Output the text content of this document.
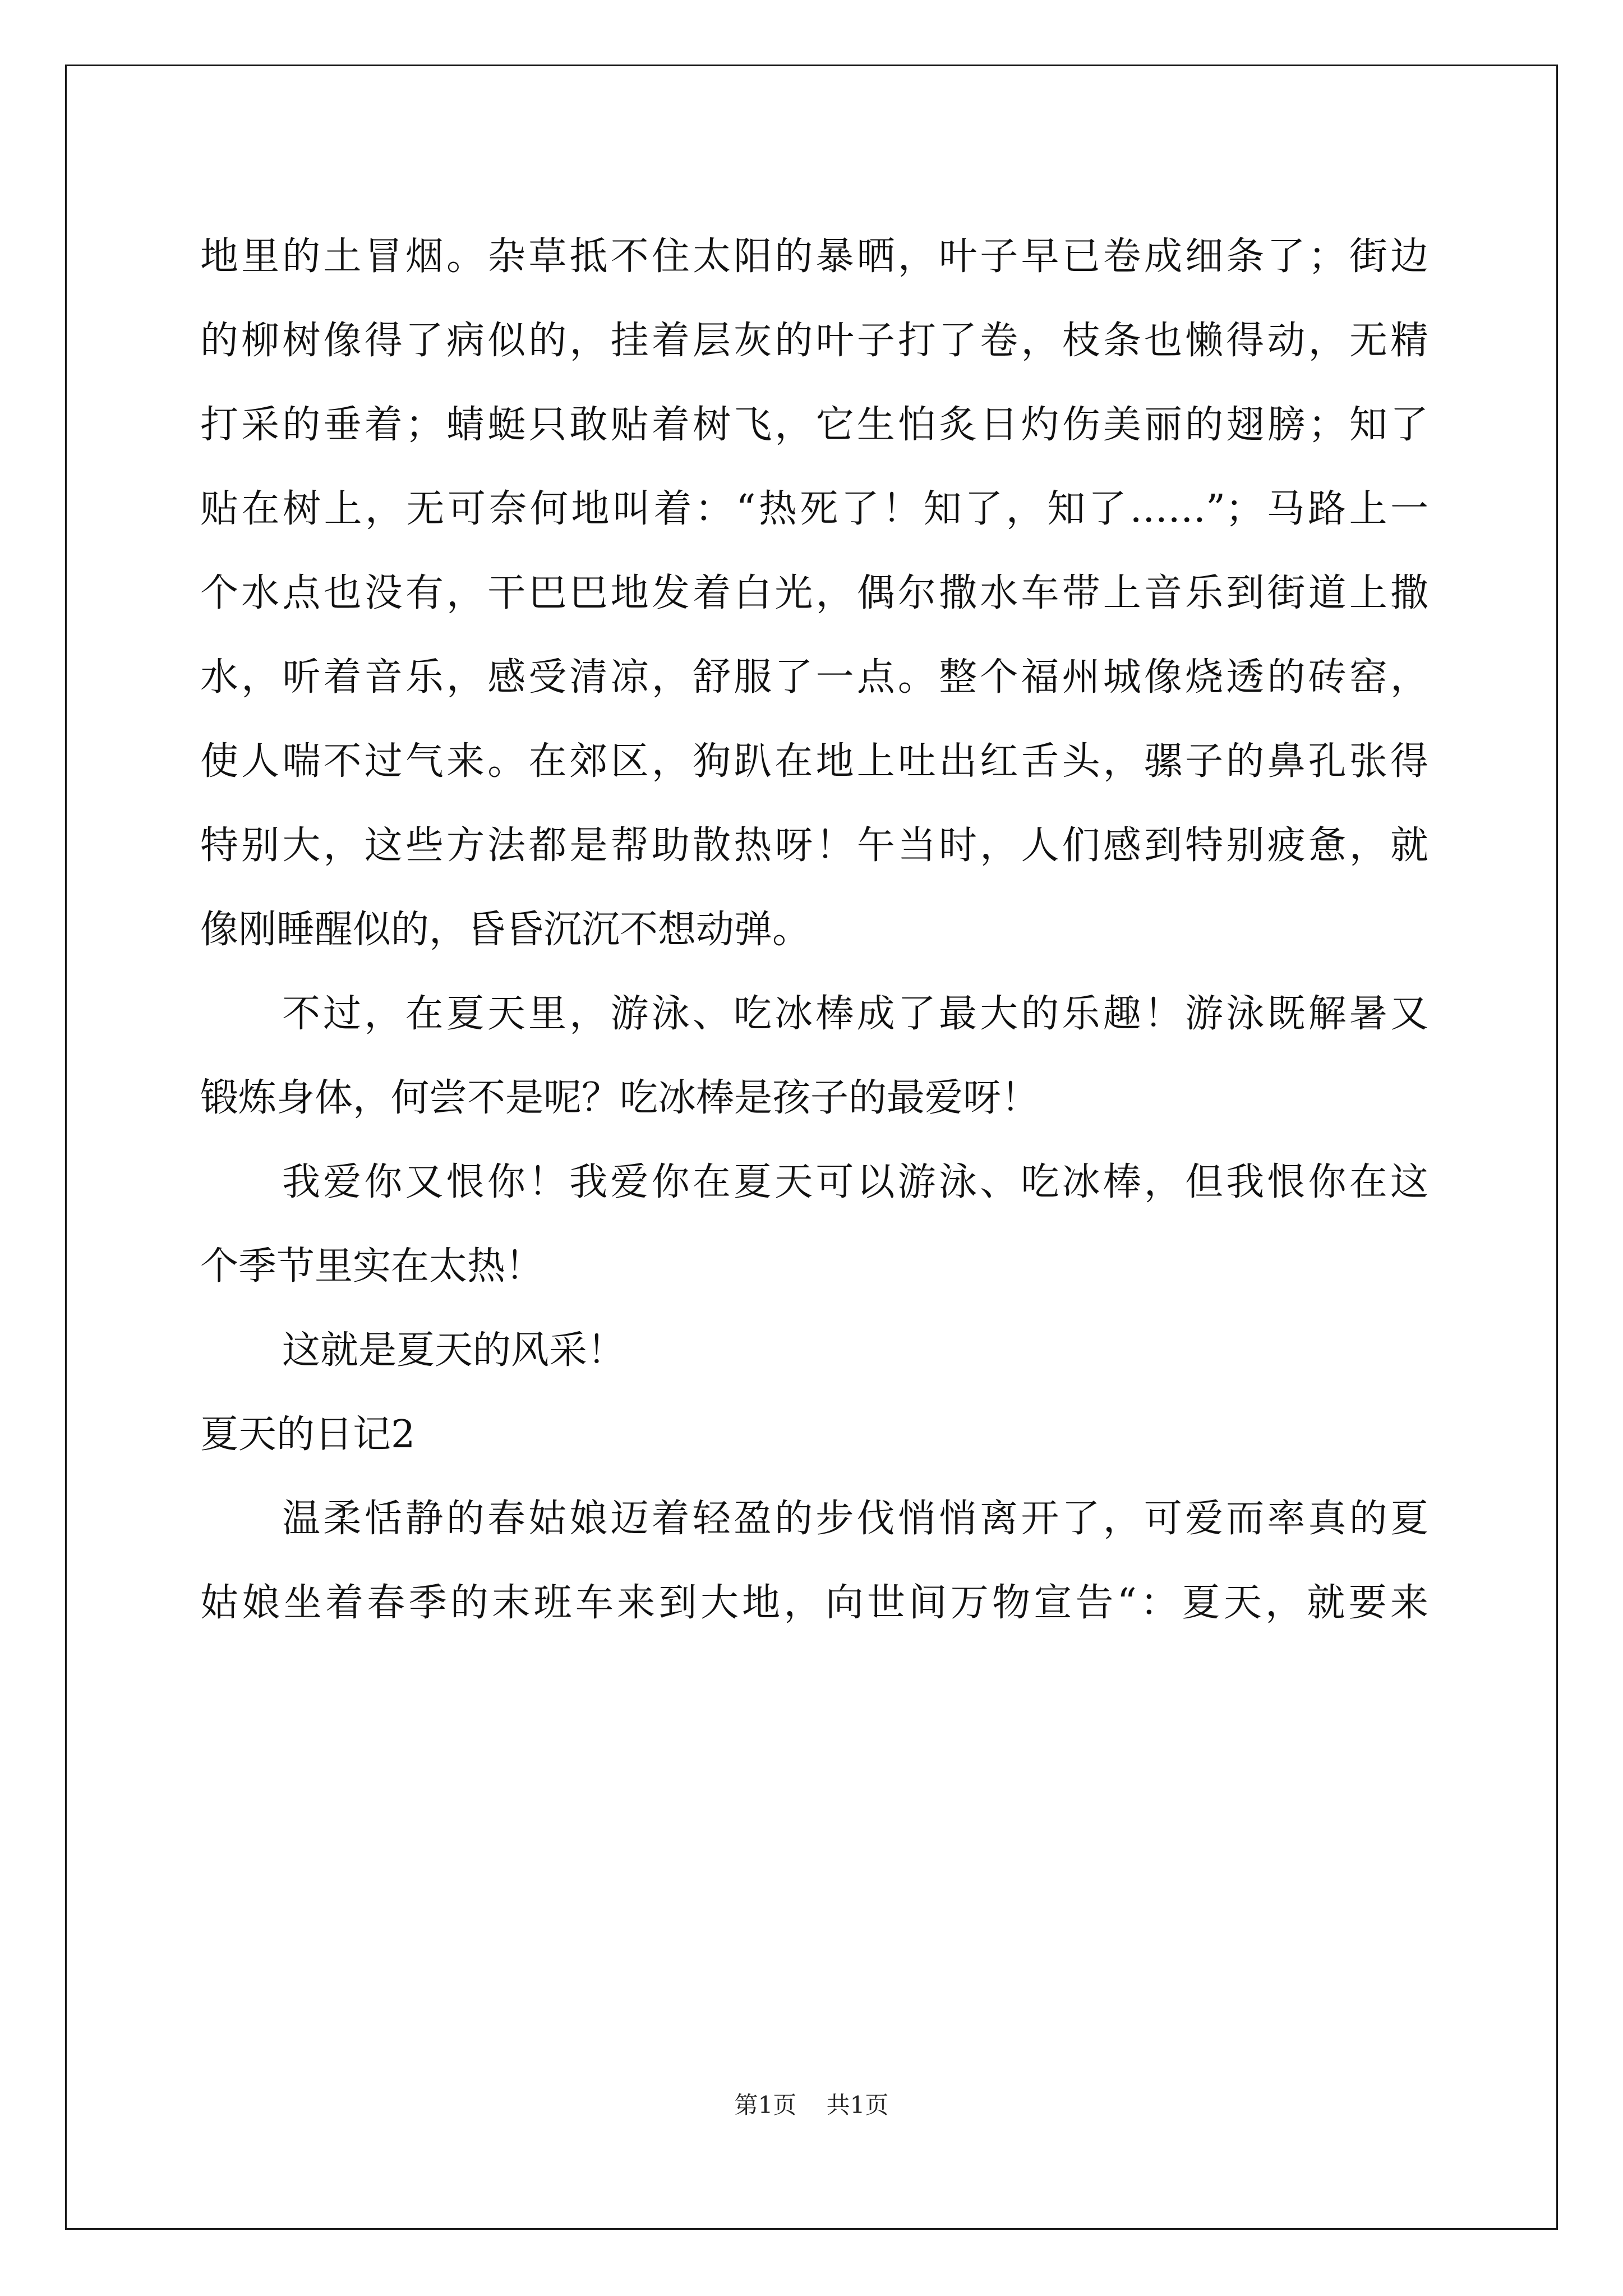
地里的土冒烟。杂草抵不住太阳的暴晒，叶子早已卷成细条了；街边
的柳树像得了病似的，挂着层灰的叶子打了卷，枝条也懒得动，无精
打采的垂着；蜻蜓只敢贴着树飞，它生怕炙日灼伤美丽的翅膀；知了
贴在树上，无可奈何地叫着：“热死了！知了，知了……”；马路上一
个水点也没有，干巴巴地发着白光，偶尔撒水车带上音乐到街道上撒
水，听着音乐，感受清凉，舒服了一点。整个福州城像烧透的砖窑，
使人喘不过气来。在郊区，狗趴在地上吐出红舌头，骡子的鼻孔张得
特别大，这些方法都是帮助散热呀！午当时，人们感到特别疲惫，就
像刚睡醒似的，昏昏沉沉不想动弹。
不过，在夏天里，游泳、吃冰棒成了最大的乐趣！游泳既解暑又
锻炼身体，何尝不是呢？吃冰棒是孩子的最爱呀！
我爱你又恨你！我爱你在夏天可以游泳、吃冰棒，但我恨你在这
个季节里实在太热！
这就是夏天的风采！
夏天的日记2
温柔恬静的春姑娘迈着轻盈的步伐悄悄离开了，可爱而率真的夏
姑娘坐着春季的末班车来到大地，向世间万物宣告“：夏天，就要来
第1页 共1页
